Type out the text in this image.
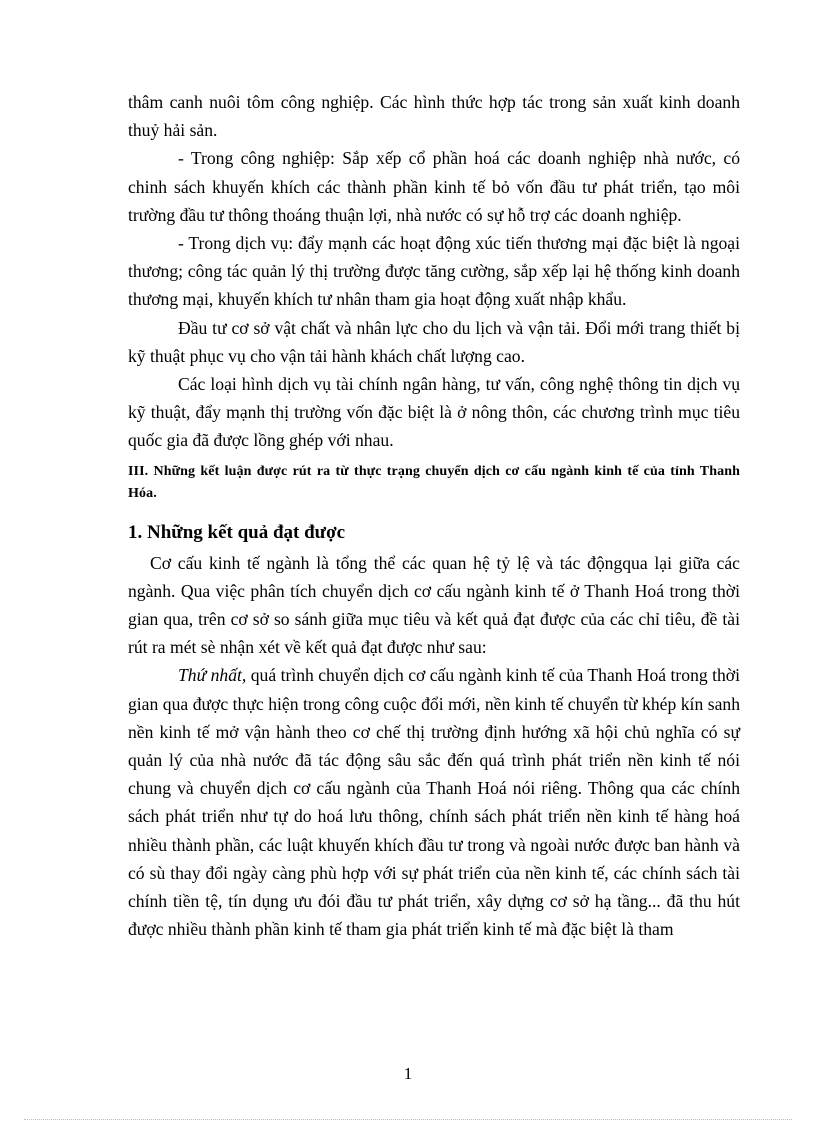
thâm canh nuôi tôm công nghiệp. Các hình thức hợp tác trong sản xuất kinh doanh thuỷ hải sản.

- Trong công nghiệp: Sắp xếp cổ phần hoá các doanh nghiệp nhà nước, có chinh sách khuyến khích các thành phần kinh tế bỏ vốn đầu tư phát triển, tạo môi trường đầu tư thông thoáng thuận lợi, nhà nước có sự hỗ trợ các doanh nghiệp.

- Trong dịch vụ: đẩy mạnh các hoạt động xúc tiến thương mại đặc biệt là ngoại thương; công tác quản lý thị trường được tăng cường, sắp xếp lại hệ thống kinh doanh thương mại, khuyến khích tư nhân tham gia hoạt động xuất nhập khẩu.

Đầu tư cơ sở vật chất và nhân lực cho du lịch và vận tải. Đổi mới trang thiết bị kỹ thuật phục vụ cho vận tải hành khách chất lượng cao.

Các loại hình dịch vụ tài chính ngân hàng, tư vấn, công nghệ thông tin dịch vụ kỹ thuật, đẩy mạnh thị trường vốn đặc biệt là ở nông thôn, các chương trình mục tiêu quốc gia đã được lồng ghép với nhau.

III. Những kết luận được rút ra từ thực trạng chuyển dịch cơ cấu ngành kinh tế của tỉnh Thanh Hóa.

1. Những kết quả đạt được

Cơ cấu kinh tế ngành là tổng thể các quan hệ tỷ lệ và tác độngqua lại giữa các ngành. Qua việc phân tích chuyển dịch cơ cấu ngành kinh tế ở Thanh Hoá trong thời gian qua, trên cơ sở so sánh giữa mục tiêu và kết quả đạt được của các chỉ tiêu, đề tài rút ra mét sè nhận xét về kết quả đạt được như sau:

Thứ nhất, quá trình chuyển dịch cơ cấu ngành kinh tế của Thanh Hoá trong thời gian qua được thực hiện trong công cuộc đổi mới, nền kinh tế chuyển từ khép kín sanh nền kinh tế mở vận hành theo cơ chế thị trường định hướng xã hội chủ nghĩa có sự quản lý của nhà nước đã tác động sâu sắc đến quá trình phát triển nền kinh tế nói chung và chuyển dịch cơ cấu ngành của Thanh Hoá nói riêng. Thông qua các chính sách phát triển như tự do hoá lưu thông, chính sách phát triển nền kinh tế hàng hoá nhiều thành phần, các luật khuyến khích đầu tư trong và ngoài nước được ban hành và có sù thay đổi ngày càng phù hợp với sự phát triển của nền kinh tế, các chính sách tài chính tiền tệ, tín dụng ưu đói đầu tư phát triển, xây dựng cơ sở hạ tầng... đã thu hút được nhiều thành phần kinh tế tham gia phát triển kinh tế mà đặc biệt là tham

1
